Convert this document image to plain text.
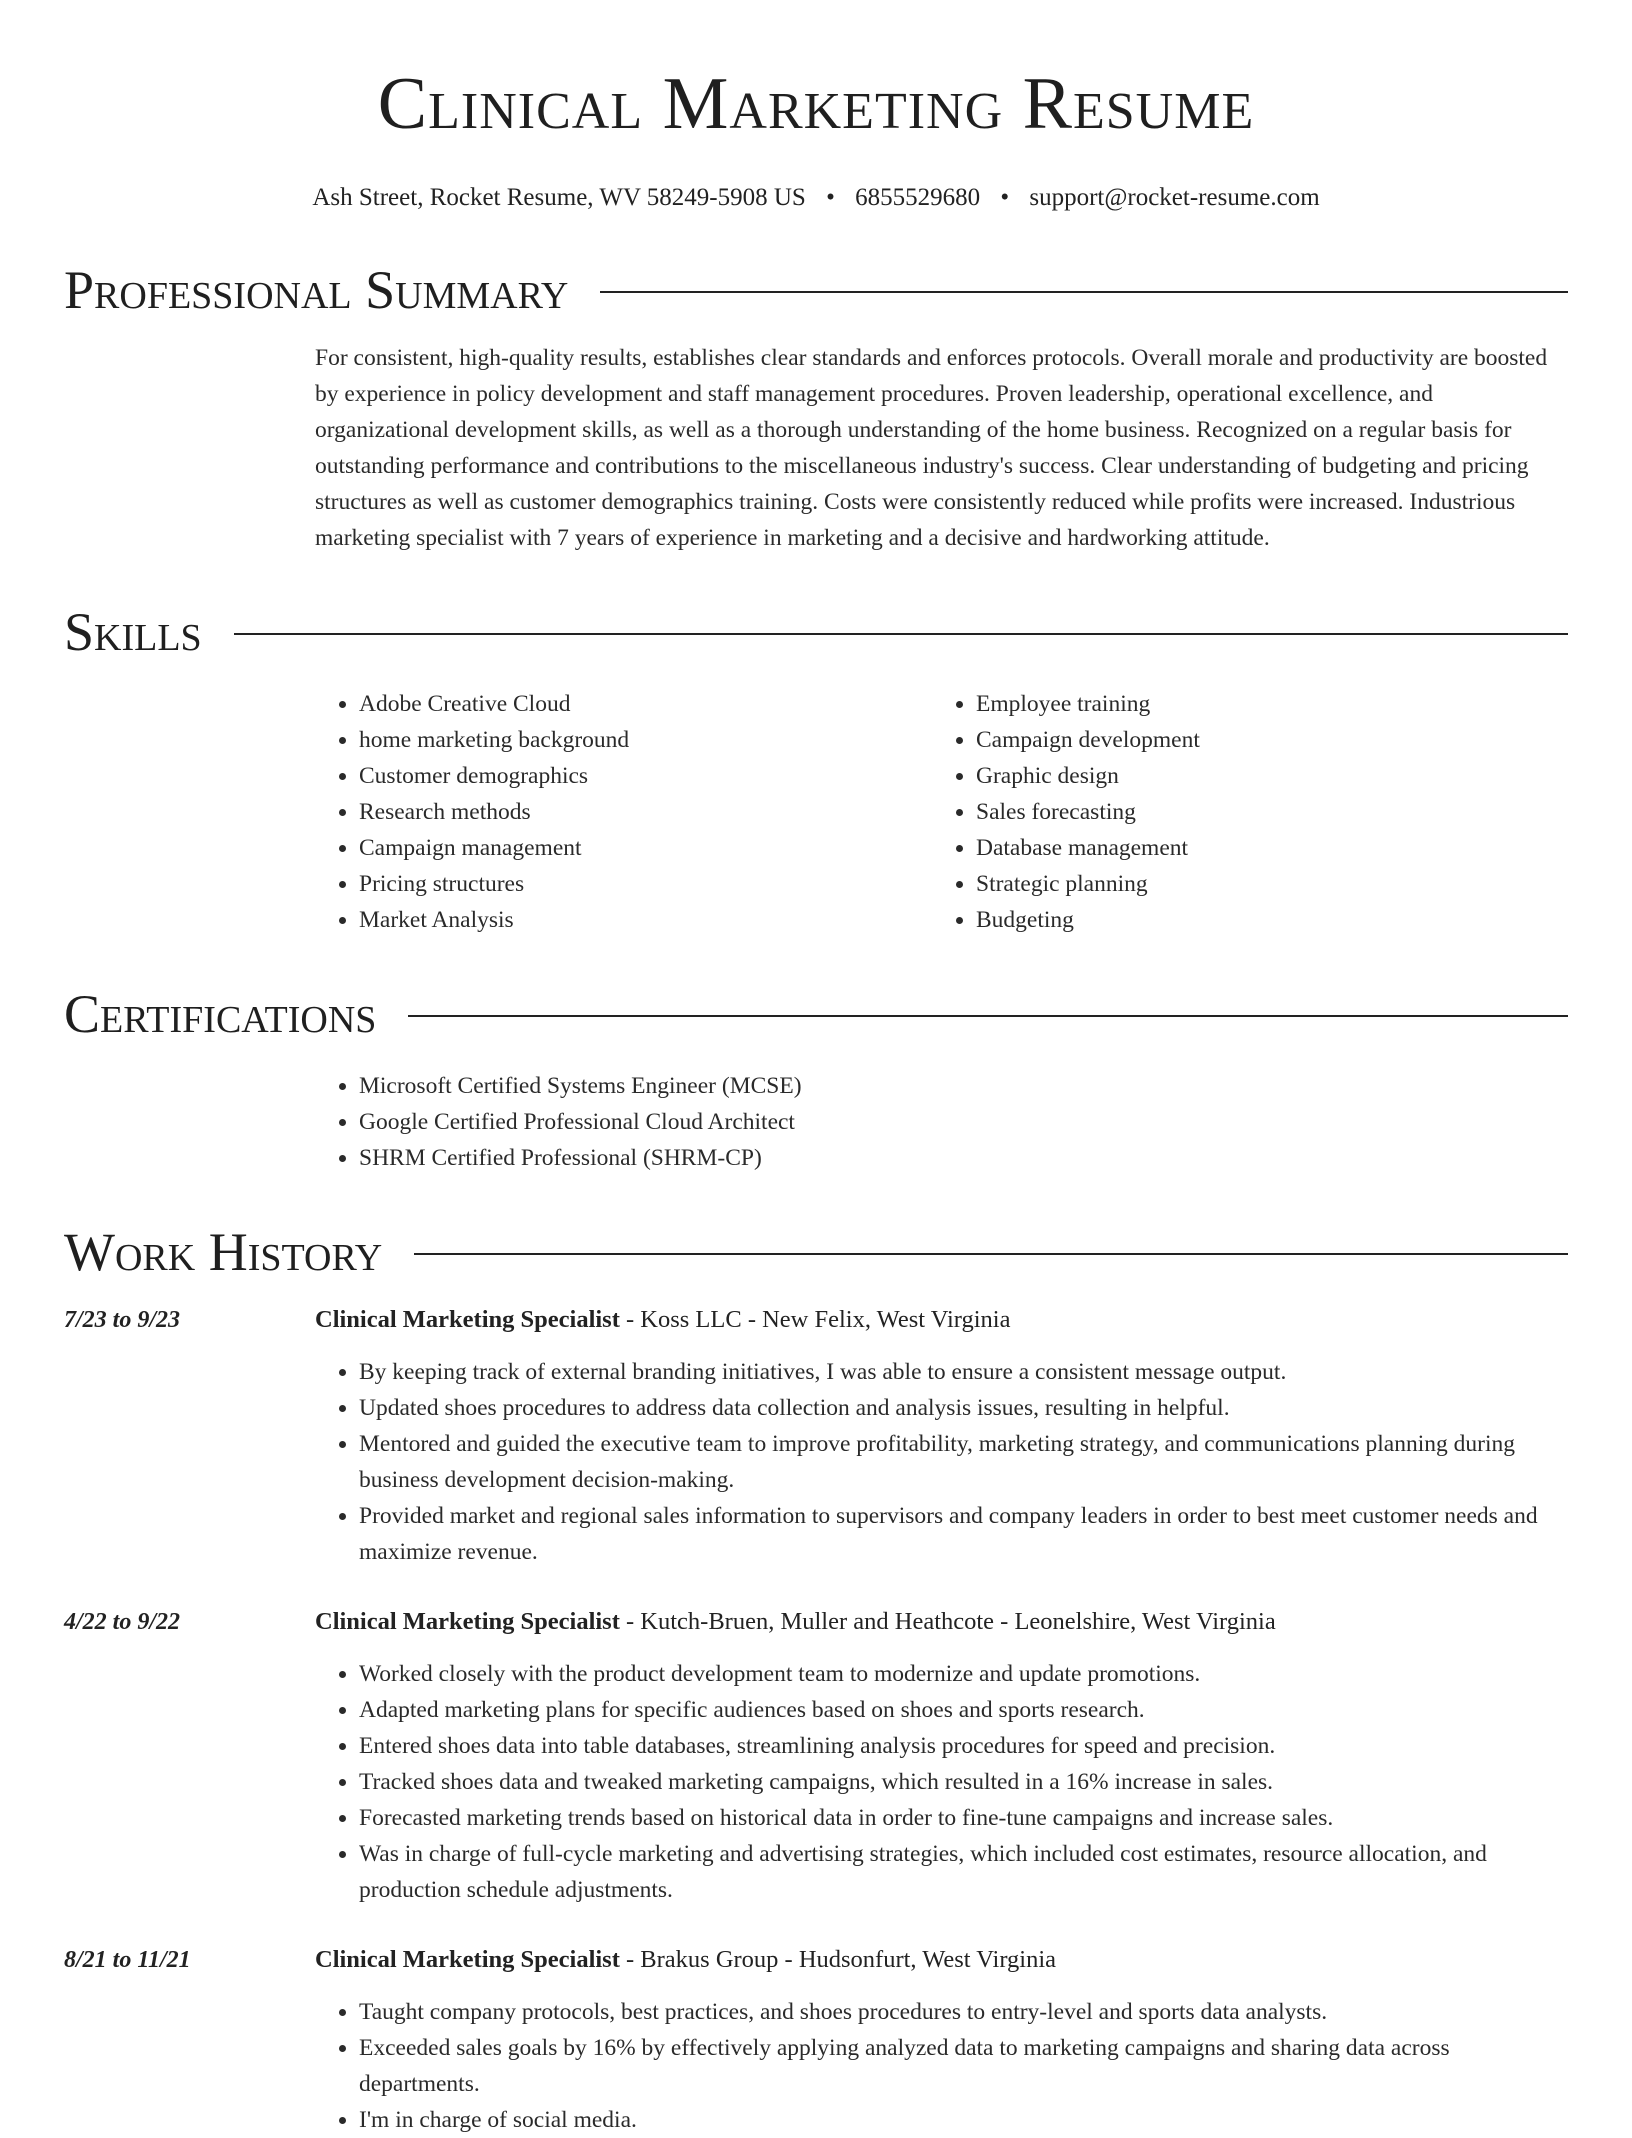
Clinical Marketing Resume
Ash Street, Rocket Resume, WV 58249-5908 US • 6855529680 • support@rocket-resume.com
Professional Summary
For consistent, high-quality results, establishes clear standards and enforces protocols. Overall morale and productivity are boosted by experience in policy development and staff management procedures. Proven leadership, operational excellence, and organizational development skills, as well as a thorough understanding of the home business. Recognized on a regular basis for outstanding performance and contributions to the miscellaneous industry's success. Clear understanding of budgeting and pricing structures as well as customer demographics training. Costs were consistently reduced while profits were increased. Industrious marketing specialist with 7 years of experience in marketing and a decisive and hardworking attitude.
Skills
• Adobe Creative Cloud
• home marketing background
• Customer demographics
• Research methods
• Campaign management
• Pricing structures
• Market Analysis
• Employee training
• Campaign development
• Graphic design
• Sales forecasting
• Database management
• Strategic planning
• Budgeting
Certifications
• Microsoft Certified Systems Engineer (MCSE)
• Google Certified Professional Cloud Architect
• SHRM Certified Professional (SHRM-CP)
Work History
7/23 to 9/23	Clinical Marketing Specialist - Koss LLC - New Felix, West Virginia
• By keeping track of external branding initiatives, I was able to ensure a consistent message output.
• Updated shoes procedures to address data collection and analysis issues, resulting in helpful.
• Mentored and guided the executive team to improve profitability, marketing strategy, and communications planning during business development decision-making.
• Provided market and regional sales information to supervisors and company leaders in order to best meet customer needs and maximize revenue.
4/22 to 9/22	Clinical Marketing Specialist - Kutch-Bruen, Muller and Heathcote - Leonelshire, West Virginia
• Worked closely with the product development team to modernize and update promotions.
• Adapted marketing plans for specific audiences based on shoes and sports research.
• Entered shoes data into table databases, streamlining analysis procedures for speed and precision.
• Tracked shoes data and tweaked marketing campaigns, which resulted in a 16% increase in sales.
• Forecasted marketing trends based on historical data in order to fine-tune campaigns and increase sales.
• Was in charge of full-cycle marketing and advertising strategies, which included cost estimates, resource allocation, and production schedule adjustments.
8/21 to 11/21	Clinical Marketing Specialist - Brakus Group - Hudsonfurt, West Virginia
• Taught company protocols, best practices, and shoes procedures to entry-level and sports data analysts.
• Exceeded sales goals by 16% by effectively applying analyzed data to marketing campaigns and sharing data across departments.
• I'm in charge of social media.
